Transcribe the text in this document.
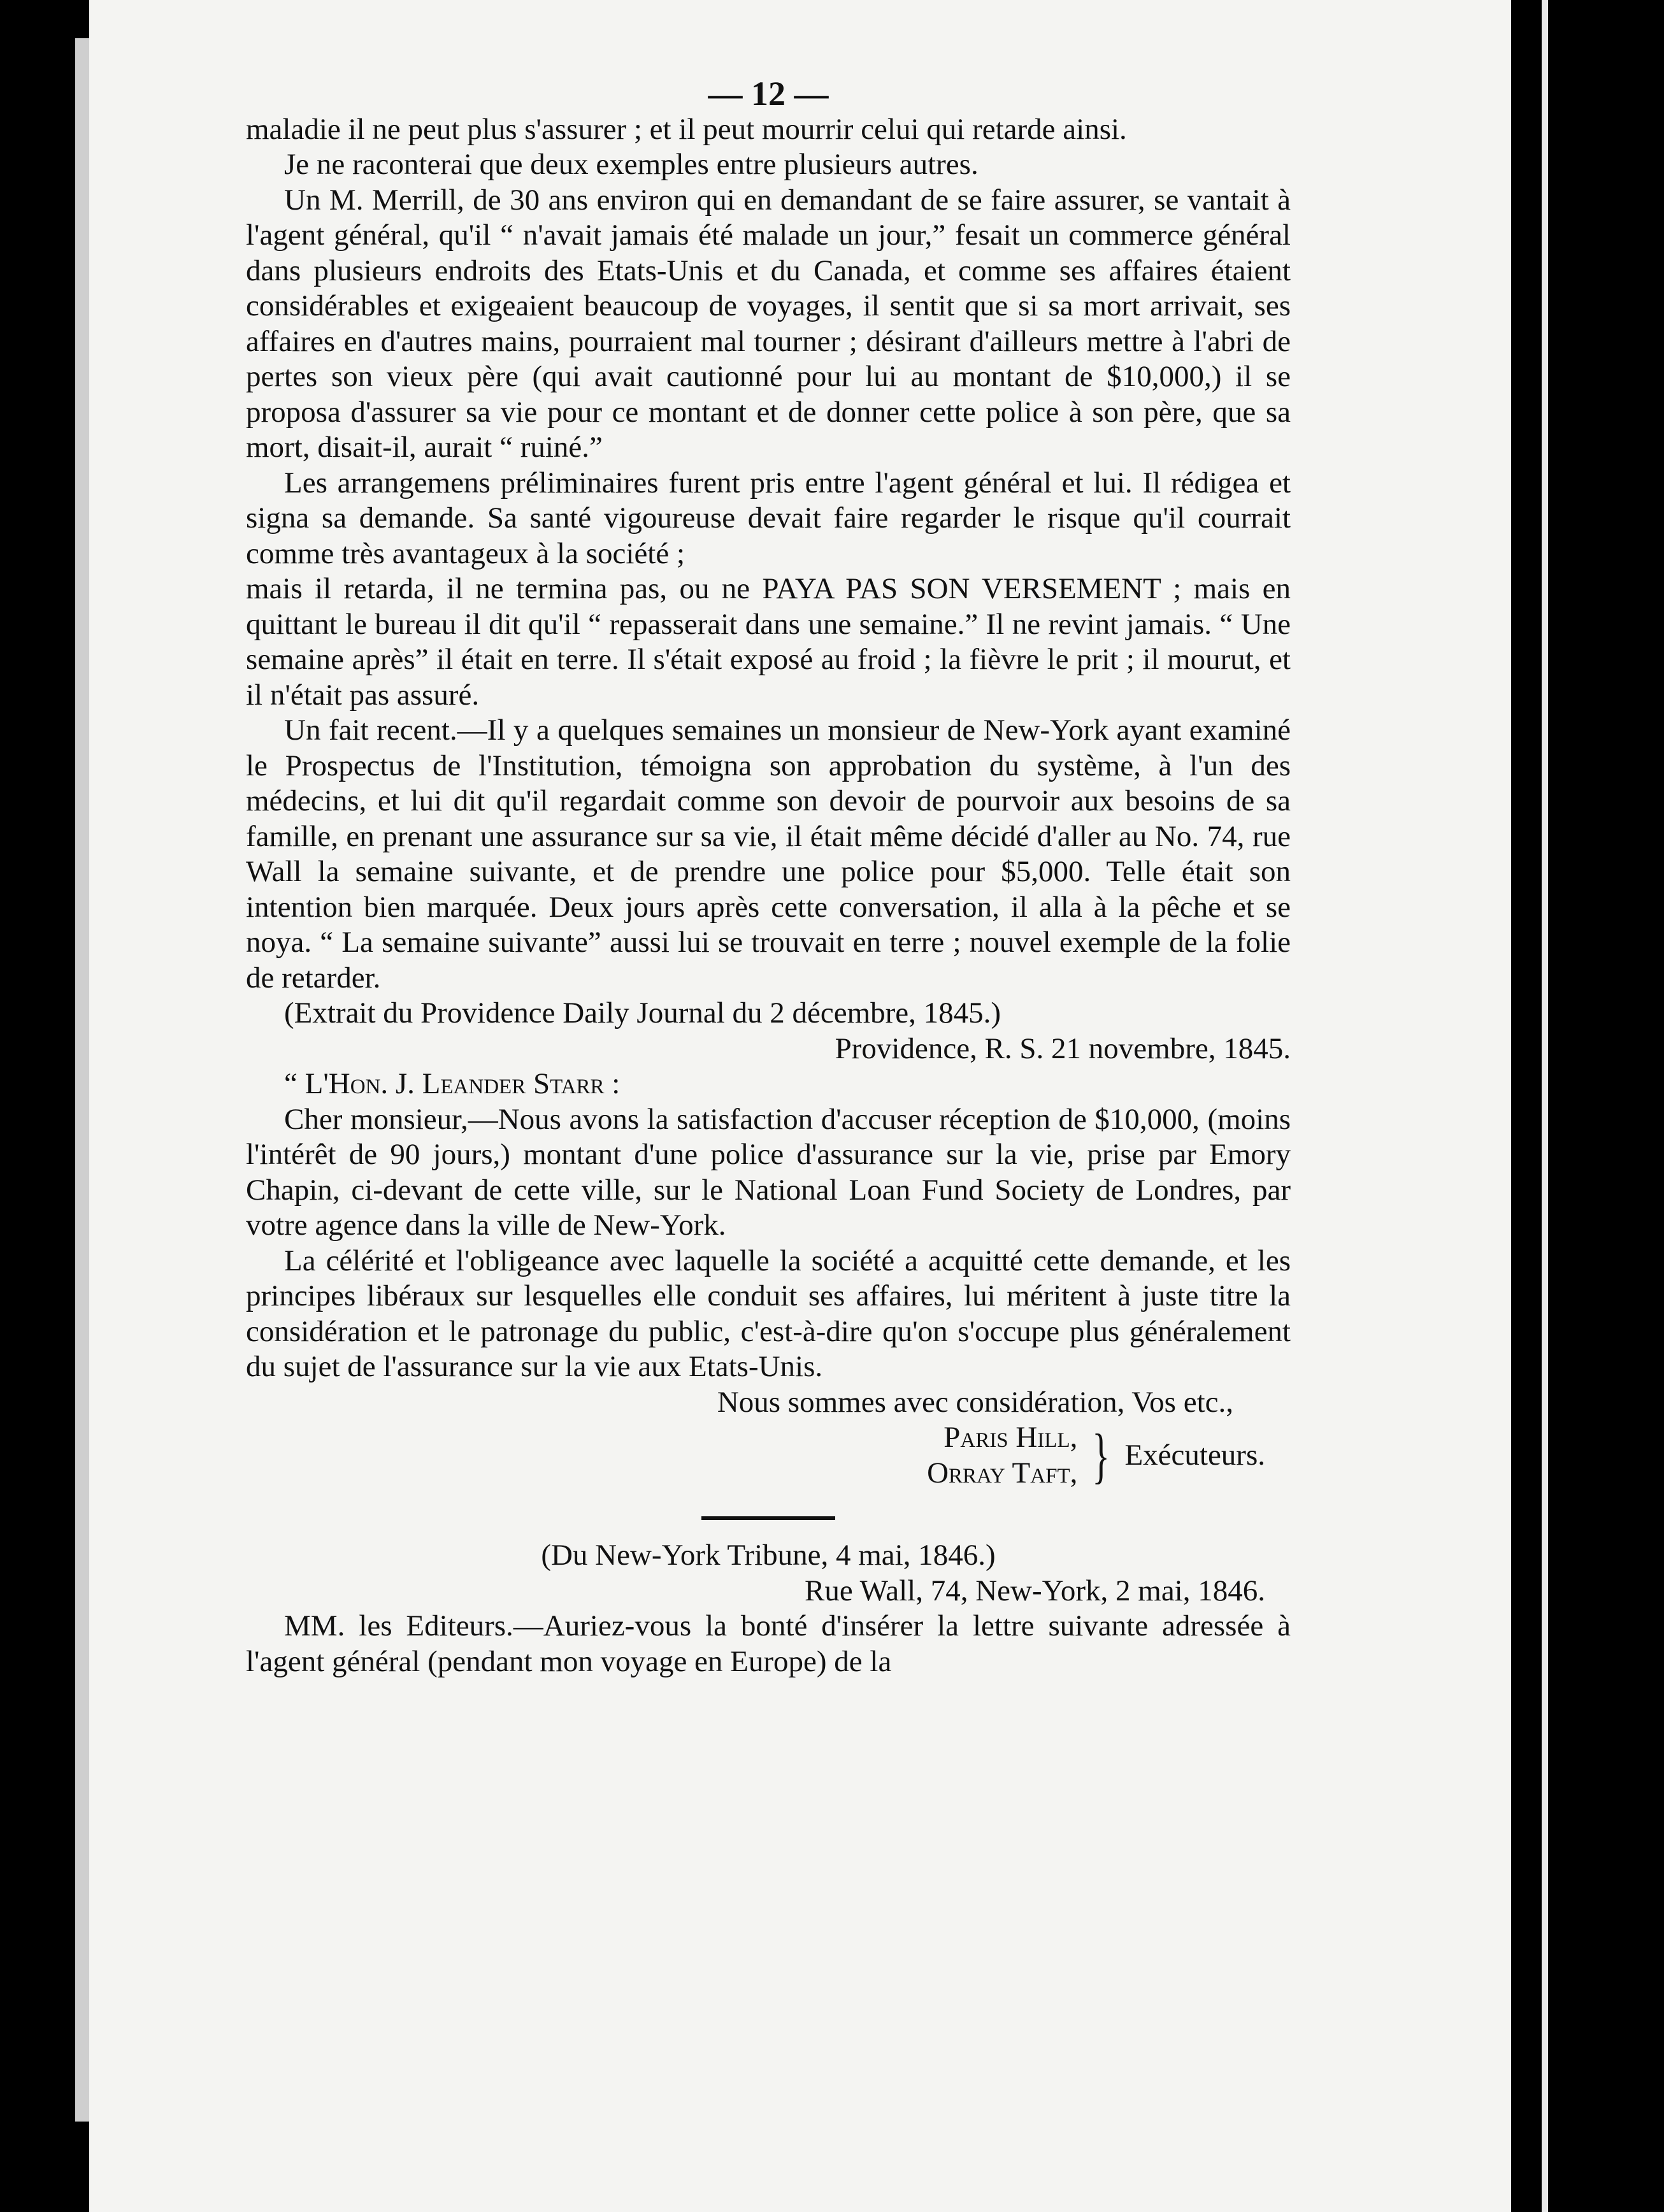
— 12 —

maladie il ne peut plus s'assurer ; et il peut mourrir celui qui retarde ainsi.

Je ne raconterai que deux exemples entre plusieurs autres.

Un M. Merrill, de 30 ans environ qui en demandant de se faire assurer, se vantait à l'agent général, qu'il “ n'avait jamais été malade un jour,” fesait un commerce général dans plusieurs endroits des Etats-Unis et du Canada, et comme ses affaires étaient considérables et exigeaient beaucoup de voyages, il sentit que si sa mort arrivait, ses affaires en d'autres mains, pourraient mal tourner ; désirant d'ailleurs mettre à l'abri de pertes son vieux père (qui avait cautionné pour lui au montant de $10,000,) il se proposa d'assurer sa vie pour ce montant et de donner cette police à son père, que sa mort, disait-il, aurait “ ruiné.”

Les arrangemens préliminaires furent pris entre l'agent général et lui. Il rédigea et signa sa demande. Sa santé vigoureuse devait faire regarder le risque qu'il courrait comme très avantageux à la société ;

mais il retarda, il ne termina pas, ou ne PAYA PAS SON VERSEMENT ; mais en quittant le bureau il dit qu'il “ repasserait dans une semaine.” Il ne revint jamais. “ Une semaine après” il était en terre. Il s'était exposé au froid ; la fièvre le prit ; il mourut, et il n'était pas assuré.

Un fait recent.—Il y a quelques semaines un monsieur de New-York ayant examiné le Prospectus de l'Institution, témoigna son approbation du système, à l'un des médecins, et lui dit qu'il regardait comme son devoir de pourvoir aux besoins de sa famille, en prenant une assurance sur sa vie, il était même décidé d'aller au No. 74, rue Wall la semaine suivante, et de prendre une police pour $5,000. Telle était son intention bien marquée. Deux jours après cette conversation, il alla à la pêche et se noya. “ La semaine suivante” aussi lui se trouvait en terre ; nouvel exemple de la folie de retarder.

(Extrait du Providence Daily Journal du 2 décembre, 1845.)

Providence, R. S. 21 novembre, 1845.

“ L'Hon. J. Leander Starr :

Cher monsieur,—Nous avons la satisfaction d'accuser réception de $10,000, (moins l'intérêt de 90 jours,) montant d'une police d'assurance sur la vie, prise par Emory Chapin, ci-devant de cette ville, sur le National Loan Fund Society de Londres, par votre agence dans la ville de New-York.

La célérité et l'obligeance avec laquelle la société a acquitté cette demande, et les principes libéraux sur lesquelles elle conduit ses affaires, lui méritent à juste titre la considération et le patronage du public, c'est-à-dire qu'on s'occupe plus généralement du sujet de l'assurance sur la vie aux Etats-Unis.

Nous sommes avec considération, Vos etc.,

Paris Hill,
Orray Taft, } Exécuteurs.

(Du New-York Tribune, 4 mai, 1846.)

Rue Wall, 74, New-York, 2 mai, 1846.

MM. les Editeurs.—Auriez-vous la bonté d'insérer la lettre suivante adressée à l'agent général (pendant mon voyage en Europe) de la
